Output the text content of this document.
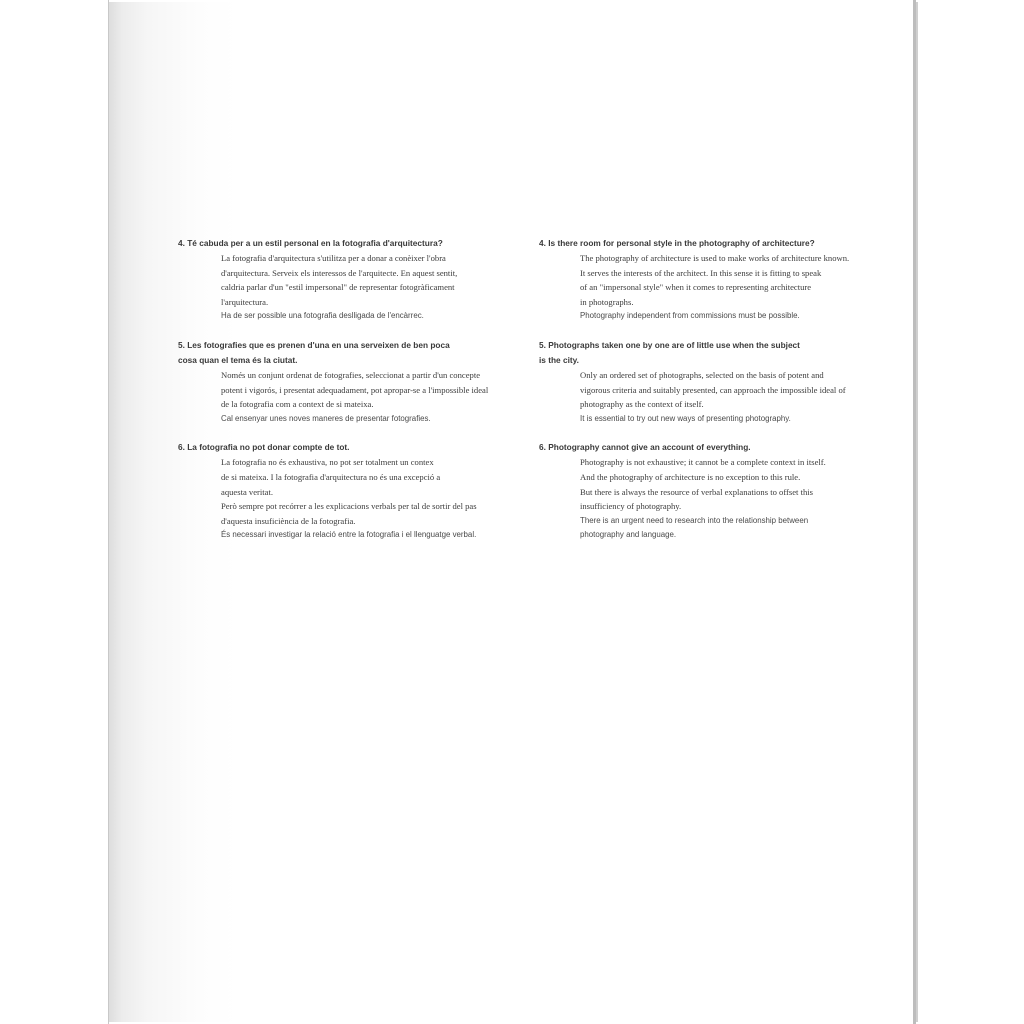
4. Té cabuda per a un estil personal en la fotografia d'arquitectura?

La fotografia d'arquitectura s'utilitza per a donar a conèixer l'obra

d'arquitectura. Serveix els interessos de l'arquitecte. En aquest sentit,

caldria parlar d'un "estil impersonal" de representar fotogràficament

l'arquitectura.

Ha de ser possible una fotografia deslligada de l'encàrrec.

5. Les fotografies que es prenen d'una en una serveixen de ben poca
cosa quan el tema és la ciutat.

Només un conjunt ordenat de fotografies, seleccionat a partir d'un concepte

potent i vigorós, i presentat adequadament, pot apropar-se a l'impossible ideal

de la fotografia com a context de si mateixa.

Cal ensenyar unes noves maneres de presentar fotografies.

6. La fotografia no pot donar compte de tot.

La fotografia no és exhaustiva, no pot ser totalment un contex

de si mateixa. I la fotografia d'arquitectura no és una excepció a

aquesta veritat.

Però sempre pot recórrer a les explicacions verbals per tal de sortir del pas

d'aquesta insuficiència de la fotografia.

És necessari investigar la relació entre la fotografia i el llenguatge verbal.

4. Is there room for personal style in the photography of architecture?

The photography of architecture is used to make works of architecture known.

It serves the interests of the architect. In this sense it is fitting to speak

of an "impersonal style" when it comes to representing architecture

in photographs.

Photography independent from commissions must be possible.

5. Photographs taken one by one are of little use when the subject
is the city.

Only an ordered set of photographs, selected on the basis of potent and

vigorous criteria and suitably presented, can approach the impossible ideal of

photography as the context of itself.

It is essential to try out new ways of presenting photography.

6. Photography cannot give an account of everything.

Photography is not exhaustive; it cannot be a complete context in itself.

And the photography of architecture is no exception to this rule.

But there is always the resource of verbal explanations to offset this

insufficiency of photography.

There is an urgent need to research into the relationship between

photography and language.
